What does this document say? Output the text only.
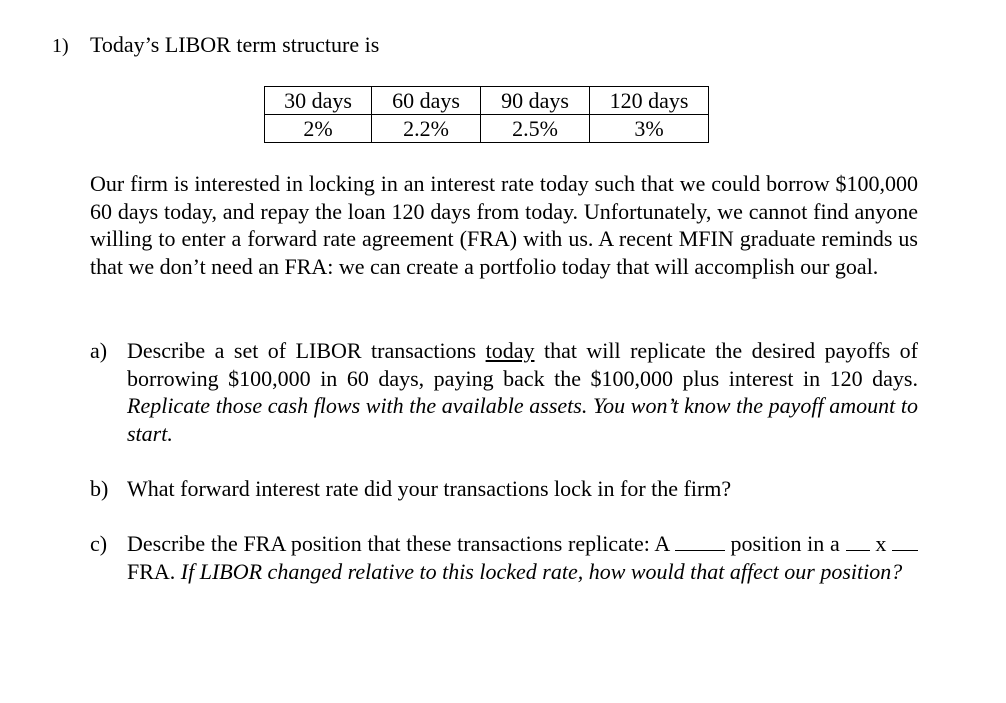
1) Today’s LIBOR term structure is
30 days	60 days	90 days	120 days
2%	2.2%	2.5%	3%
Our firm is interested in locking in an interest rate today such that we could borrow $100,000 60 days today, and repay the loan 120 days from today. Unfortunately, we cannot find anyone willing to enter a forward rate agreement (FRA) with us. A recent MFIN graduate reminds us that we don’t need an FRA: we can create a portfolio today that will accomplish our goal.
a) Describe a set of LIBOR transactions today that will replicate the desired payoffs of borrowing $100,000 in 60 days, paying back the $100,000 plus interest in 120 days. Replicate those cash flows with the available assets. You won’t know the payoff amount to start.
b) What forward interest rate did your transactions lock in for the firm?
c) Describe the FRA position that these transactions replicate: A	position in a x  FRA. If LIBOR changed relative to this locked rate, how would that affect our position?
